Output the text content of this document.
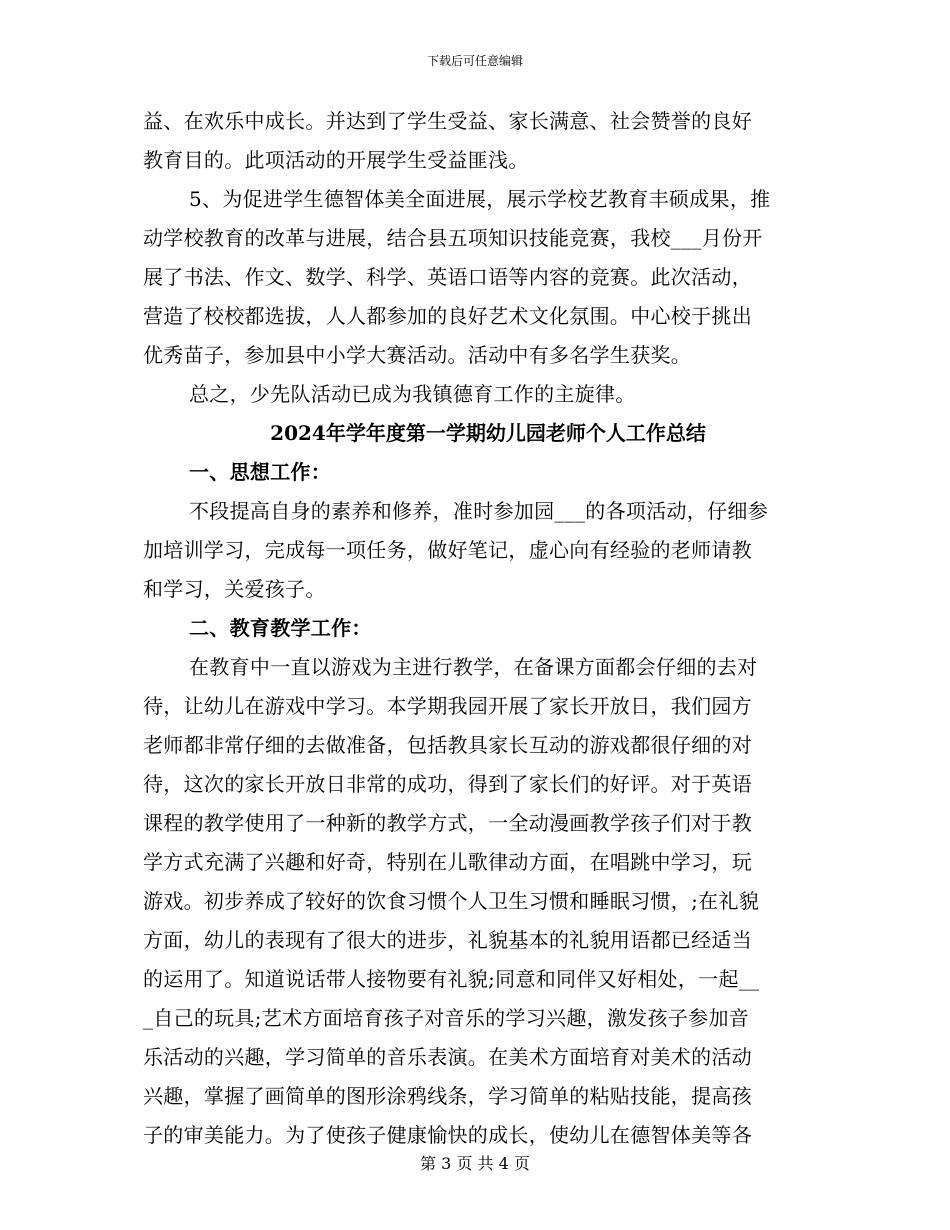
下载后可任意编辑
益、在欢乐中成长。并达到了学生受益、家长满意、社会赞誉的良好
教育目的。此项活动的开展学生受益匪浅。
5、为促进学生德智体美全面进展，展示学校艺教育丰硕成果，推
动学校教育的改革与进展，结合县五项知识技能竞赛，我校___月份开
展了书法、作文、数学、科学、英语口语等内容的竞赛。此次活动，
营造了校校都选拔，人人都参加的良好艺术文化氛围。中心校于挑出
优秀苗子，参加县中小学大赛活动。活动中有多名学生获奖。
总之，少先队活动已成为我镇德育工作的主旋律。
2024年学年度第一学期幼儿园老师个人工作总结
一、思想工作：
不段提高自身的素养和修养，准时参加园___的各项活动，仔细参
加培训学习，完成每一项任务，做好笔记，虚心向有经验的老师请教
和学习，关爱孩子。
二、教育教学工作：
在教育中一直以游戏为主进行教学，在备课方面都会仔细的去对
待，让幼儿在游戏中学习。本学期我园开展了家长开放日，我们园方
老师都非常仔细的去做准备，包括教具家长互动的游戏都很仔细的对
待，这次的家长开放日非常的成功，得到了家长们的好评。对于英语
课程的教学使用了一种新的教学方式，一全动漫画教学孩子们对于教
学方式充满了兴趣和好奇，特别在儿歌律动方面，在唱跳中学习，玩
游戏。初步养成了较好的饮食习惯个人卫生习惯和睡眠习惯，;在礼貌
方面，幼儿的表现有了很大的进步，礼貌基本的礼貌用语都已经适当
的运用了。知道说话带人接物要有礼貌;同意和同伴又好相处，一起__
_自己的玩具;艺术方面培育孩子对音乐的学习兴趣，激发孩子参加音
乐活动的兴趣，学习简单的音乐表演。在美术方面培育对美术的活动
兴趣，掌握了画简单的图形涂鸦线条，学习简单的粘贴技能，提高孩
子的审美能力。为了使孩子健康愉快的成长，使幼儿在德智体美等各
第 3 页 共 4 页
